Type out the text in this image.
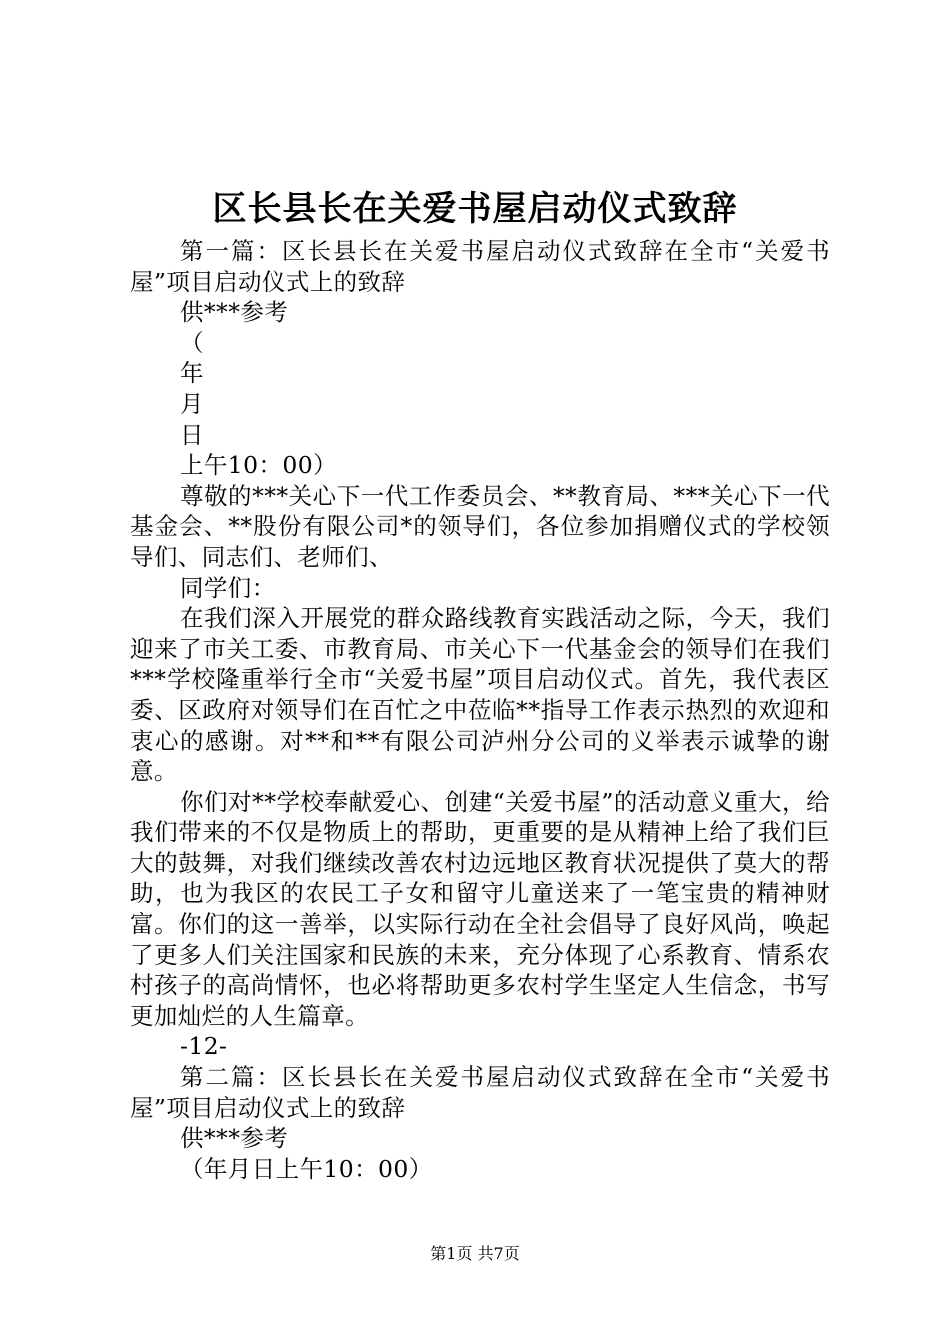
区长县长在关爱书屋启动仪式致辞

第一篇：区长县长在关爱书屋启动仪式致辞在全市“关爱书屋”项目启动仪式上的致辞

供***参考

（

年

月

日

上午10：00）

尊敬的***关心下一代工作委员会、**教育局、***关心下一代基金会、**股份有限公司*的领导们，各位参加捐赠仪式的学校领导们、同志们、老师们、

同学们：

在我们深入开展党的群众路线教育实践活动之际，今天，我们迎来了市关工委、市教育局、市关心下一代基金会的领导们在我们***学校隆重举行全市“关爱书屋”项目启动仪式。首先，我代表区委、区政府对领导们在百忙之中莅临**指导工作表示热烈的欢迎和衷心的感谢。对**和**有限公司泸州分公司的义举表示诚挚的谢意。

你们对**学校奉献爱心、创建“关爱书屋”的活动意义重大，给我们带来的不仅是物质上的帮助，更重要的是从精神上给了我们巨大的鼓舞，对我们继续改善农村边远地区教育状况提供了莫大的帮助，也为我区的农民工子女和留守儿童送来了一笔宝贵的精神财富。你们的这一善举，以实际行动在全社会倡导了良好风尚，唤起了更多人们关注国家和民族的未来，充分体现了心系教育、情系农村孩子的高尚情怀，也必将帮助更多农村学生坚定人生信念，书写更加灿烂的人生篇章。

-12-

第二篇：区长县长在关爱书屋启动仪式致辞在全市“关爱书屋”项目启动仪式上的致辞

供***参考

（年月日上午10：00）

第1页 共7页
